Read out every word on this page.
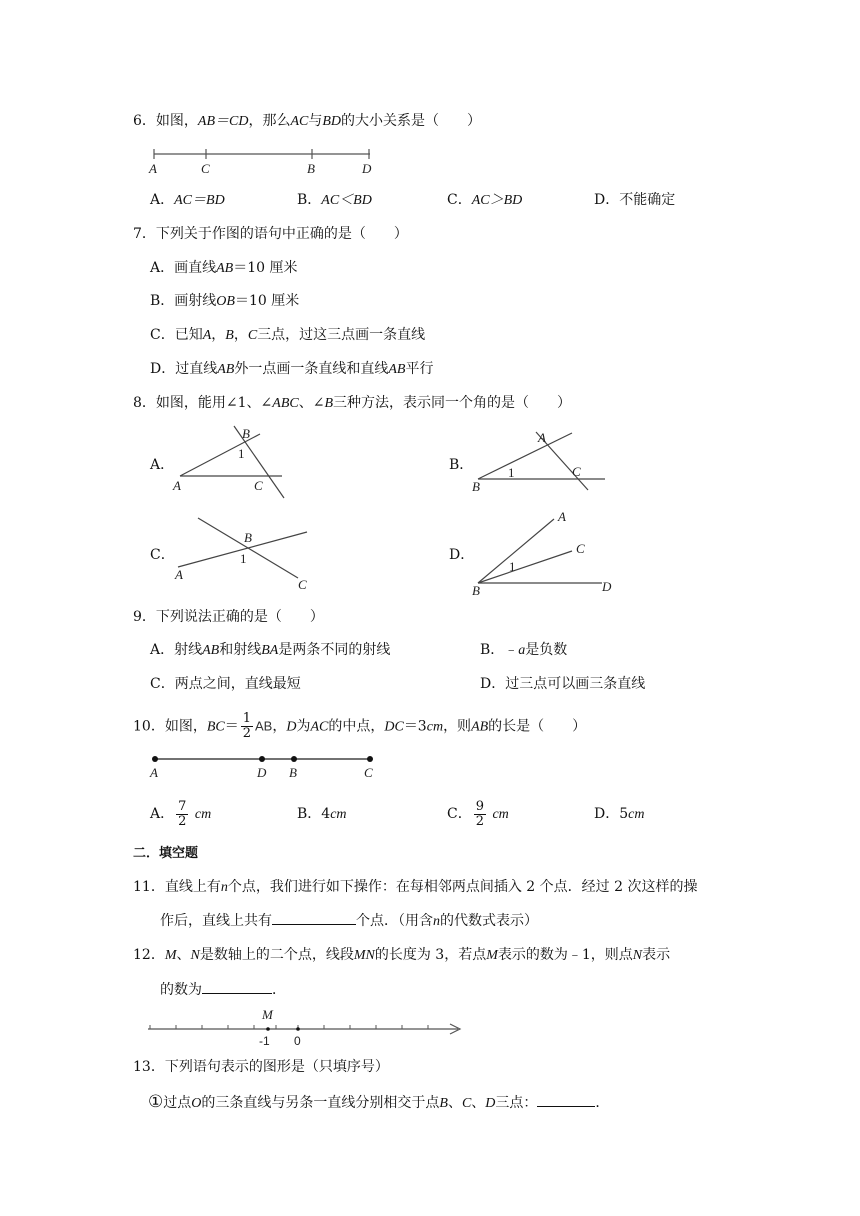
6．如图，AB＝CD，那么AC与BD的大小关系是（　　）
A	C	B	D
A．AC＝BD	B．AC＜BD	C．AC＞BD	D．不能确定
7．下列关于作图的语句中正确的是（　　）
A．画直线AB＝10 厘米
B．画射线OB＝10 厘米
C．已知A，B，C三点，过这三点画一条直线
D．过直线AB外一点画一条直线和直线AB平行
8．如图，能用∠1、∠ABC、∠B三种方法，表示同一个角的是（　　）
A．
B
1
A	C
B．
A
C
1
B
C．
B
1
A
C
D．
A
C
1
B	D
9．下列说法正确的是（　　）
A．射线AB和射线BA是两条不同的射线	B．﹣a是负数
C．两点之间，直线最短	D．过三点可以画三条直线
10．如图，$BC= \frac{1}{2}$ AB，D为AC的中点，DC＝3cm，则AB的长是（　　）
A	D B	C
A． $\frac{7}{2}$ cm	B．4cm	C． $\frac{9}{2}$ cm	D．5cm
二．填空题
11．直线上有n个点，我们进行如下操作：在每相邻两点间插入 2 个点．经过 2 次这样的操
作后，直线上共有	个点．（用含n的代数式表示）
12．M、N是数轴上的二个点，线段MN的长度为 3，若点M表示的数为﹣1，则点N表示
的数为	．
M
-1 0
13．下列语句表示的图形是（只填序号）
①过点O的三条直线与另条一直线分别相交于点B、C、D三点：	．
